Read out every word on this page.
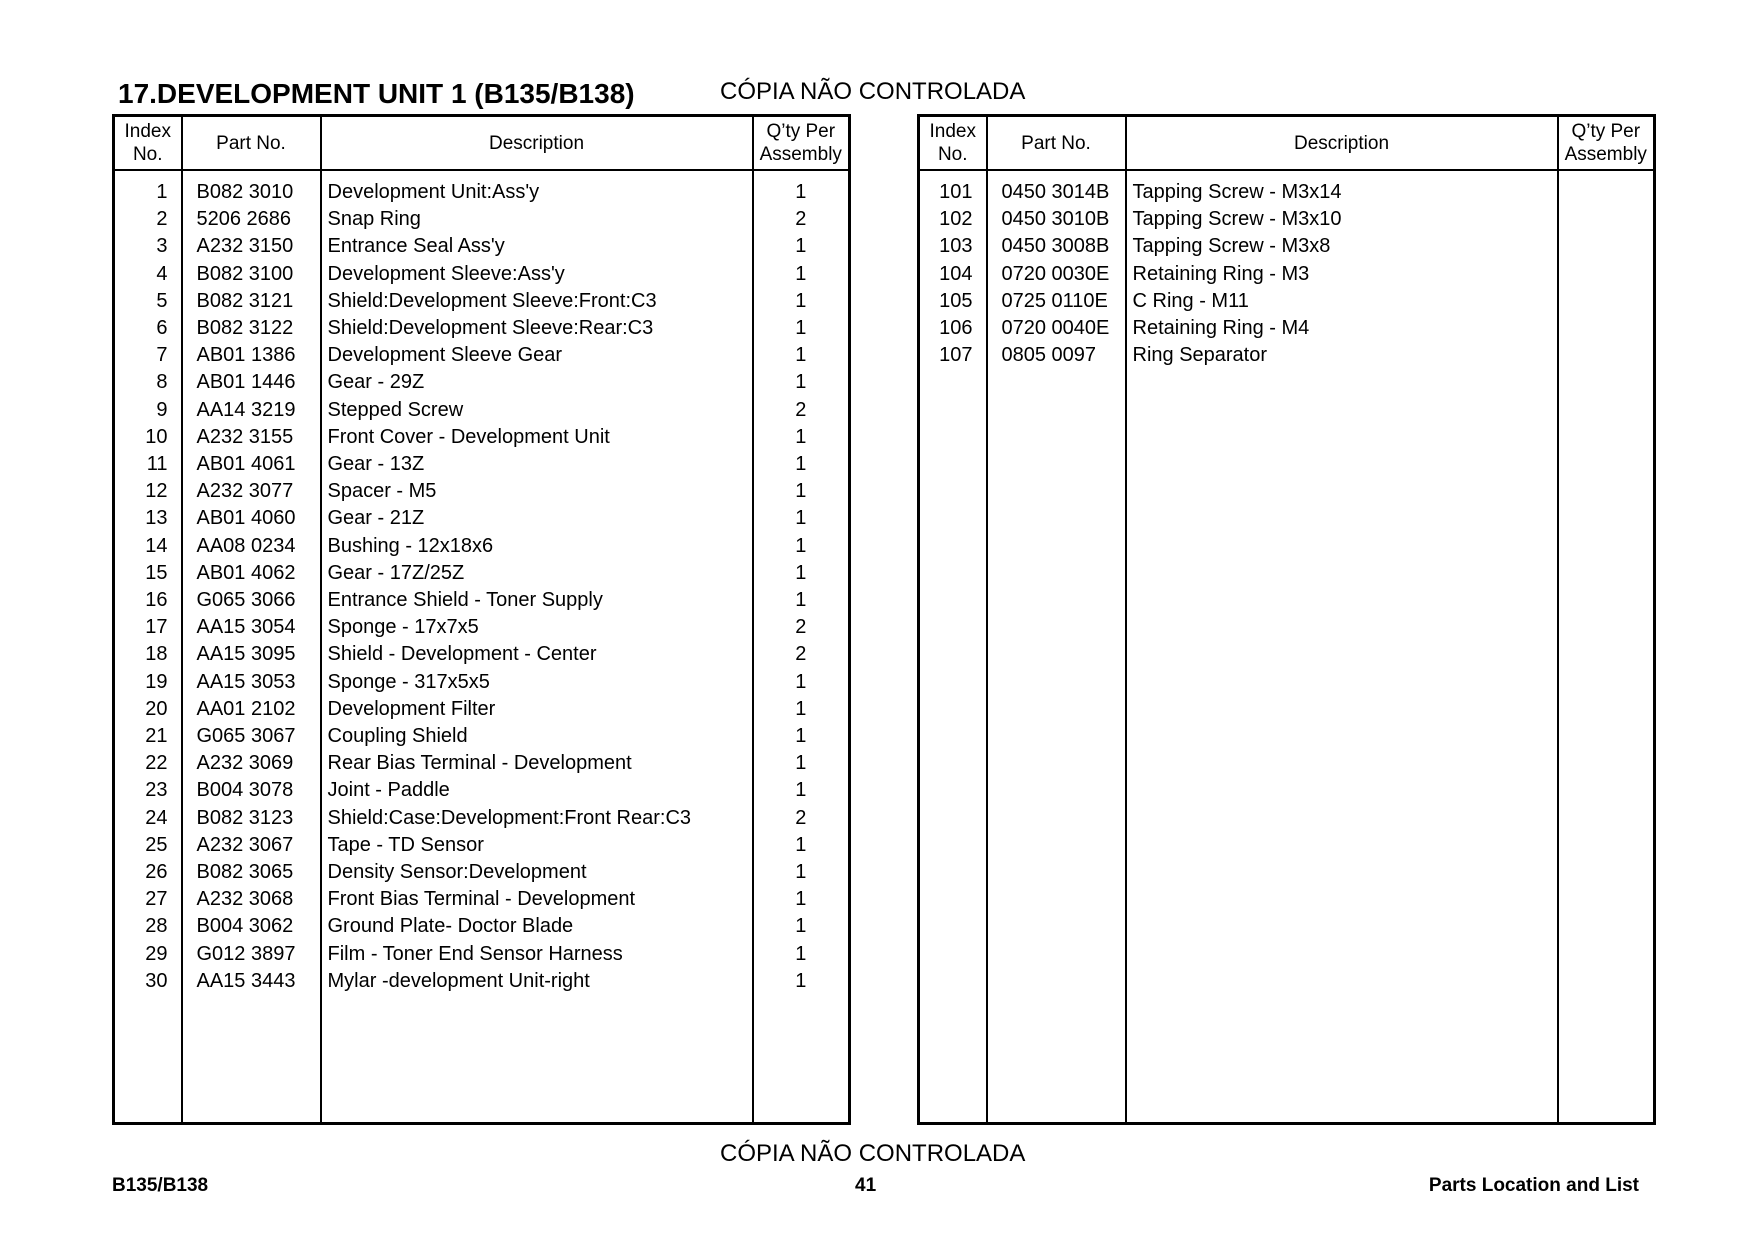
17.DEVELOPMENT UNIT 1 (B135/B138)	CÓPIA NÃO CONTROLADA
Index
No.	Part No.	Description	Q’ty Per
Assembly

1	B082 3010	Development Unit:Ass'y	1
2	5206 2686	Snap Ring	2
3	A232 3150	Entrance Seal Ass'y	1
4	B082 3100	Development Sleeve:Ass'y	1
5	B082 3121	Shield:Development Sleeve:Front:C3	1
6	B082 3122	Shield:Development Sleeve:Rear:C3	1
7	AB01 1386	Development Sleeve Gear	1
8	AB01 1446	Gear - 29Z	1
9	AA14 3219	Stepped Screw	2
10	A232 3155	Front Cover - Development Unit	1
11	AB01 4061	Gear - 13Z	1
12	A232 3077	Spacer - M5	1
13	AB01 4060	Gear - 21Z	1
14	AA08 0234	Bushing - 12x18x6	1
15	AB01 4062	Gear - 17Z/25Z	1
16	G065 3066	Entrance Shield - Toner Supply	1
17	AA15 3054	Sponge - 17x7x5	2
18	AA15 3095	Shield - Development - Center	2
19	AA15 3053	Sponge - 317x5x5	1
20	AA01 2102	Development Filter	1
21	G065 3067	Coupling Shield	1
22	A232 3069	Rear Bias Terminal - Development	1
23	B004 3078	Joint - Paddle	1
24	B082 3123	Shield:Case:Development:Front Rear:C3	2
25	A232 3067	Tape - TD Sensor	1
26	B082 3065	Density Sensor:Development	1
27	A232 3068	Front Bias Terminal - Development	1
28	B004 3062	Ground Plate- Doctor Blade	1
29	G012 3897	Film - Toner End Sensor Harness	1
30	AA15 3443	Mylar -development Unit-right	1

Index
No.	Part No.	Description	Q’ty Per
Assembly

101	0450 3014B	Tapping Screw - M3x14	
102	0450 3010B	Tapping Screw - M3x10	
103	0450 3008B	Tapping Screw - M3x8	
104	0720 0030E	Retaining Ring - M3	
105	0725 0110E	C Ring - M11	
106	0720 0040E	Retaining Ring - M4	
107	0805 0097	Ring Separator	

CÓPIA NÃO CONTROLADA
B135/B138	41	Parts Location and List
